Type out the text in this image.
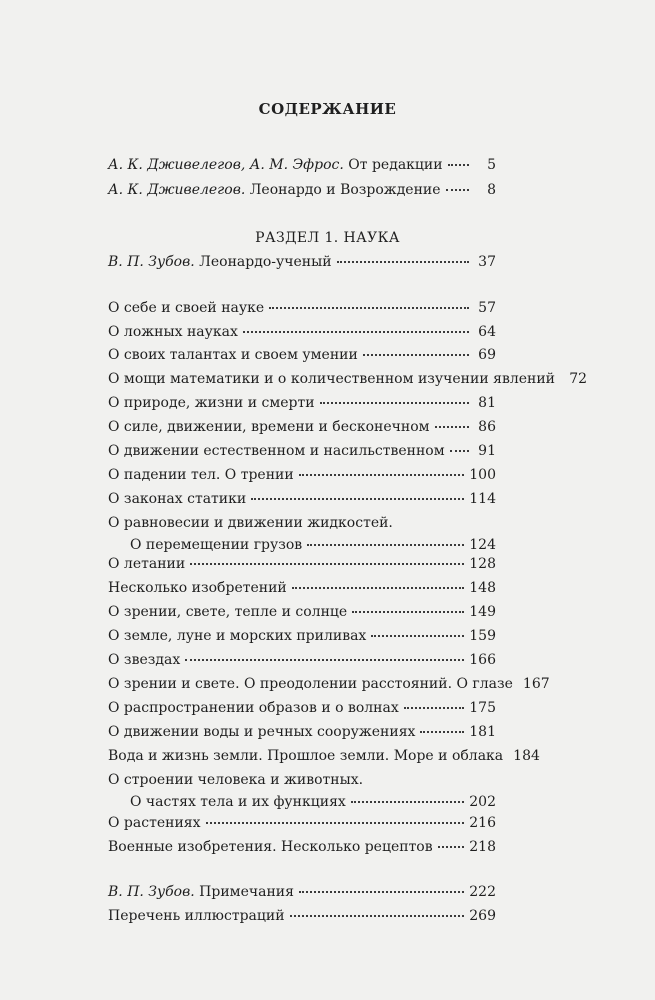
СОДЕРЖАНИЕ
РАЗДЕЛ 1. НАУКА
А. К. Дживелегов, А. М. Эфрос.
От редакции	5
А. К. Дживелегов.
Леонардо и Возрождение	8
В. П. Зубов.
Леонардо-ученый	37
О себе и своей науке	57
О ложных науках	64
О своих талантах и своем умении	69
О мощи математики и о количественном изучении явлений 72
О природе, жизни и смерти	81
О силе, движении, времени и бесконечном	86
О движении естественном и насильственном 91
О падении тел. О трении	100
О законах статики	114
О равновесии и движении жидкостей.
О перемещении грузов	124
О летании	128
Несколько изобретений	148
О зрении, свете, тепле и солнце	149
О земле, луне и морских приливах	159
О звездах	166
О зрении и свете. О преодолении расстояний. О глазе 167
О распространении образов и о волнах	175
О движении воды и речных сооружениях	181
Вода и жизнь земли. Прошлое земли. Море и облака 184
О строении человека и животных.
О частях тела и их функциях	202
О растениях	216
Военные изобретения. Несколько рецептов	218
В. П. Зубов.
Примечания	222
Перечень иллюстраций	269
